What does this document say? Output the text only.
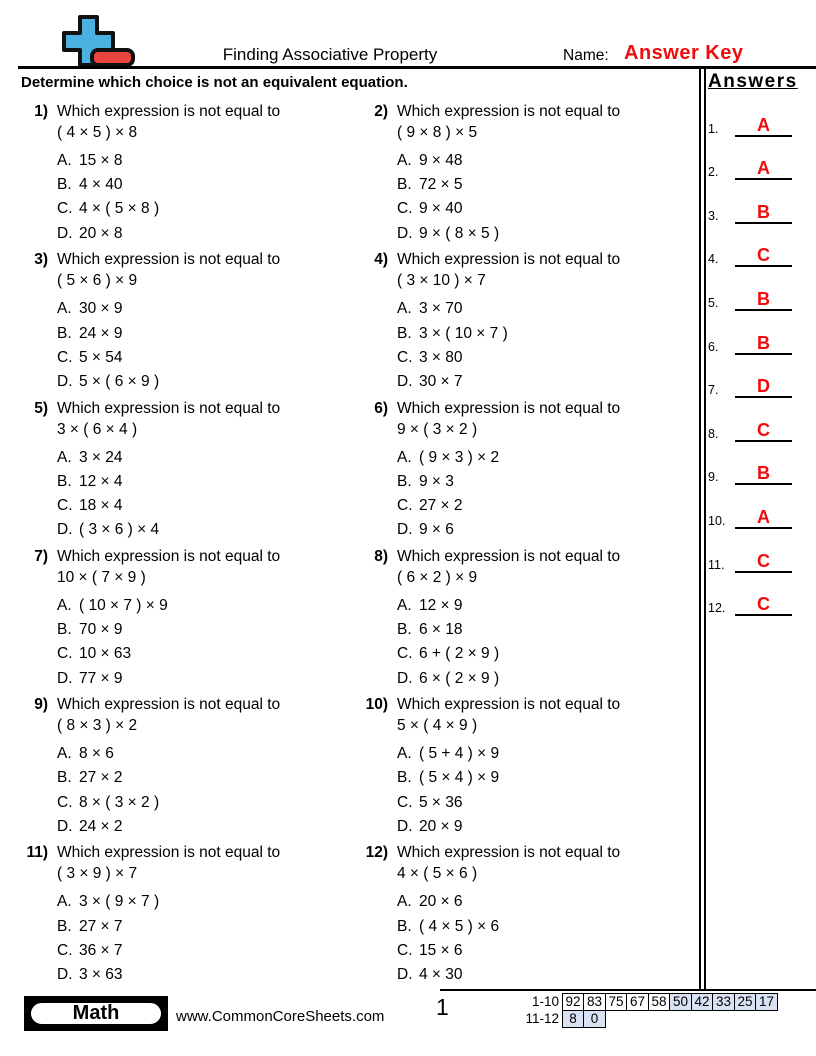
Finding Associative Property	Name: Answer Key
Determine which choice is not an equivalent equation.	Answers
1.	A
2.	A
3.	B
4.	C
5.	B
6.	B
7.	D
8.	C
9.	B
10.	A
11.	C
12.	C
1) Which expression is not equal to
( 4 × 5 ) × 8
A. 15 × 8
B. 4 × 40
C. 4 × ( 5 × 8 )
D. 20 × 8
2) Which expression is not equal to
( 9 × 8 ) × 5
A. 9 × 48
B. 72 × 5
C. 9 × 40
D. 9 × ( 8 × 5 )
3) Which expression is not equal to
( 5 × 6 ) × 9
A. 30 × 9
B. 24 × 9
C. 5 × 54
D. 5 × ( 6 × 9 )
4) Which expression is not equal to
( 3 × 10 ) × 7
A. 3 × 70
B. 3 × ( 10 × 7 )
C. 3 × 80
D. 30 × 7
5) Which expression is not equal to
3 × ( 6 × 4 )
A. 3 × 24
B. 12 × 4
C. 18 × 4
D. ( 3 × 6 ) × 4
6) Which expression is not equal to
9 × ( 3 × 2 )
A. ( 9 × 3 ) × 2
B. 9 × 3
C. 27 × 2
D. 9 × 6
7) Which expression is not equal to
10 × ( 7 × 9 )
A. ( 10 × 7 ) × 9
B. 70 × 9
C. 10 × 63
D. 77 × 9
8) Which expression is not equal to
( 6 × 2 ) × 9
A. 12 × 9
B. 6 × 18
C. 6 + ( 2 × 9 )
D. 6 × ( 2 × 9 )
9) Which expression is not equal to
( 8 × 3 ) × 2
A. 8 × 6
B. 27 × 2
C. 8 × ( 3 × 2 )
D. 24 × 2
10) Which expression is not equal to
5 × ( 4 × 9 )
A. ( 5 + 4 ) × 9
B. ( 5 × 4 ) × 9
C. 5 × 36
D. 20 × 9
11) Which expression is not equal to
( 3 × 9 ) × 7
A. 3 × ( 9 × 7 )
B. 27 × 7
C. 36 × 7
D. 3 × 63
12) Which expression is not equal to
4 × ( 5 × 6 )
A. 20 × 6
B. ( 4 × 5 ) × 6
C. 15 × 6
D. 4 × 30
Math	www.CommonCoreSheets.com 1	1-10 92 83 75 67 58 50 42 33 25 17
11-12 8	0
